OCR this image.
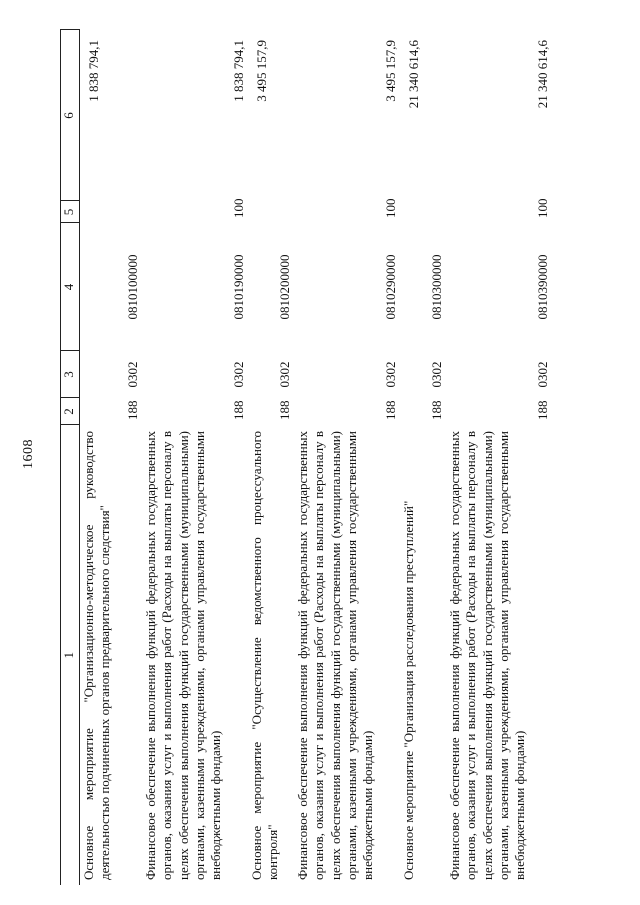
1608
1	2	3	4	5	6
Основное мероприятие "Организационно-методическое руководство деятельностью подчиненных органов предварительного следствия"	188	0302	0810100000		1 838 794,1
Финансовое обеспечение выполнения функций федеральных государственных органов, оказания услуг и выполнения работ (Расходы на выплаты персоналу в целях обеспечения выполнения функций государственными (муниципальными) органами, казенными учреждениями, органами управления государственными внебюджетными фондами)	188	0302	0810190000	100	1 838 794,1
Основное мероприятие "Осуществление ведомственного процессуального контроля"	188	0302	0810200000		3 495 157,9
Финансовое обеспечение выполнения функций федеральных государственных органов, оказания услуг и выполнения работ (Расходы на выплаты персоналу в целях обеспечения выполнения функций государственными (муниципальными) органами, казенными учреждениями, органами управления государственными внебюджетными фондами)	188	0302	0810290000	100	3 495 157,9
Основное мероприятие "Организация расследования преступлений"	188	0302	0810300000		21 340 614,6
Финансовое обеспечение выполнения функций федеральных государственных органов, оказания услуг и выполнения работ (Расходы на выплаты персоналу в целях обеспечения выполнения функций государственными (муниципальными) органами, казенными учреждениями, органами управления государственными внебюджетными фондами)	188	0302	0810390000	100	21 340 614,6
